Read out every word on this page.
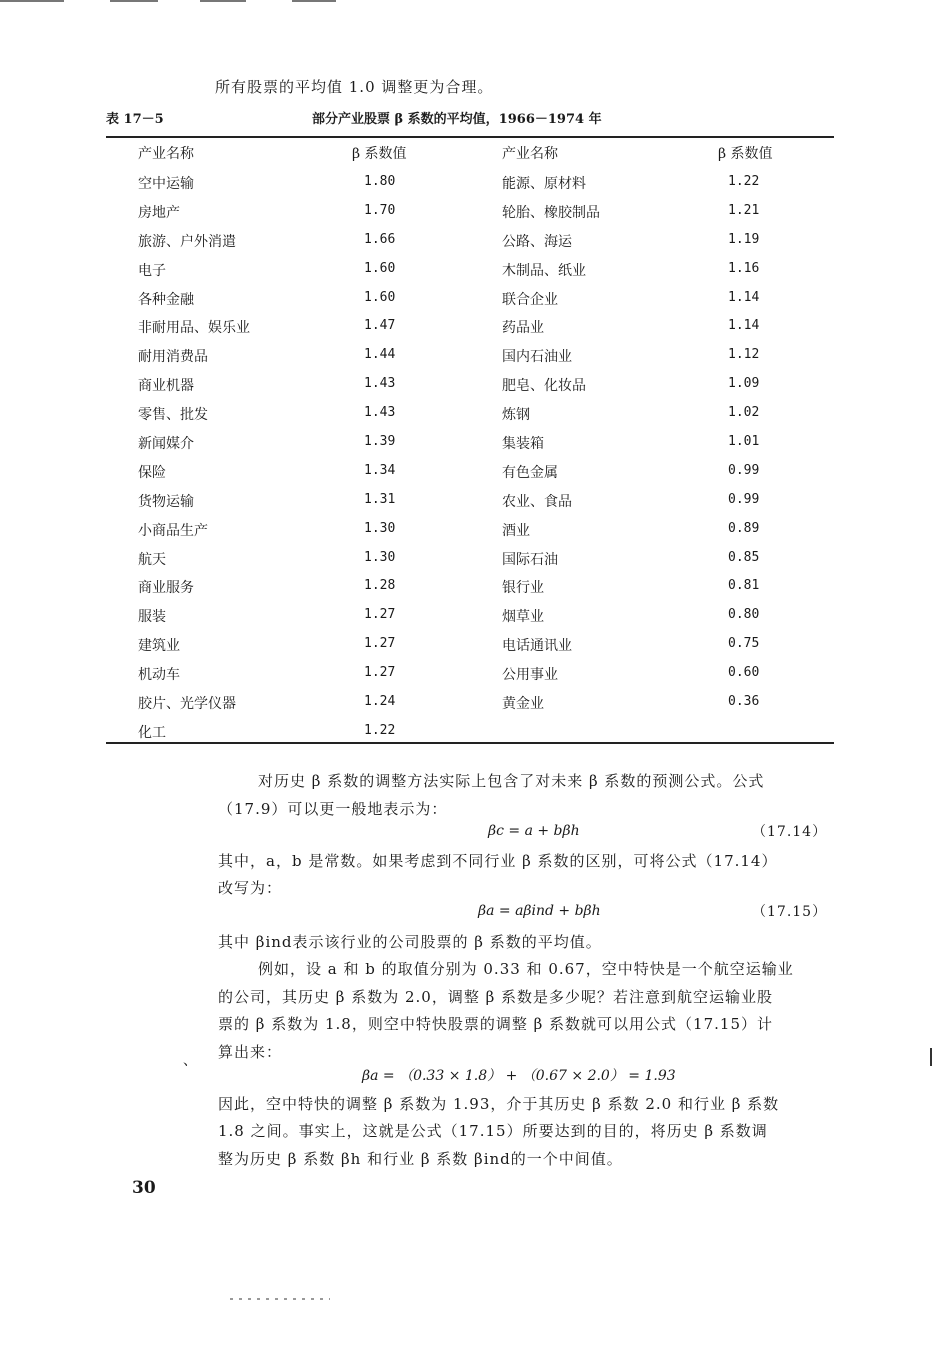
所有股票的平均值 1.0 调整更为合理。
表 17－5	部分产业股票 β 系数的平均值，1966－1974 年
产业名称	β 系数值	产业名称	β 系数值
空中运输	1.80	能源、原材料	1.22
房地产	1.70	轮胎、橡胶制品	1.21
旅游、户外消遣	1.66	公路、海运	1.19
电子	1.60	木制品、纸业	1.16
各种金融	1.60	联合企业	1.14
非耐用品、娱乐业	1.47	药品业	1.14
耐用消费品	1.44	国内石油业	1.12
商业机器	1.43	肥皂、化妆品	1.09
零售、批发	1.43	炼钢	1.02
新闻媒介	1.39	集装箱	1.01
保险	1.34	有色金属	0.99
货物运输	1.31	农业、食品	0.99
小商品生产	1.30	酒业	0.89
航天	1.30	国际石油	0.85
商业服务	1.28	银行业	0.81
服装	1.27	烟草业	0.80
建筑业	1.27	电话通讯业	0.75
机动车	1.27	公用事业	0.60
胶片、光学仪器	1.24	黄金业	0.36
化工	1.22
对历史 β 系数的调整方法实际上包含了对未来 β 系数的预测公式。公式
（17.9）可以更一般地表示为：
βc = a + bβh	（17.14）
其中，a，b 是常数。如果考虑到不同行业 β 系数的区别，可将公式（17.14）
改写为：
βa = aβind + bβh	（17.15）
其中 βind表示该行业的公司股票的 β 系数的平均值。
例如，设 a 和 b 的取值分别为 0.33 和 0.67，空中特快是一个航空运输业
的公司，其历史 β 系数为 2.0，调整 β 系数是多少呢？若注意到航空运输业股
票的 β 系数为 1.8，则空中特快股票的调整 β 系数就可以用公式（17.15）计
算出来：
βa = （0.33 × 1.8） + （0.67 × 2.0） = 1.93
因此，空中特快的调整 β 系数为 1.93，介于其历史 β 系数 2.0 和行业 β 系数
1.8 之间。事实上，这就是公式（17.15）所要达到的目的，将历史 β 系数调
整为历史 β 系数 βh 和行业 β 系数 βind的一个中间值。
、
30
